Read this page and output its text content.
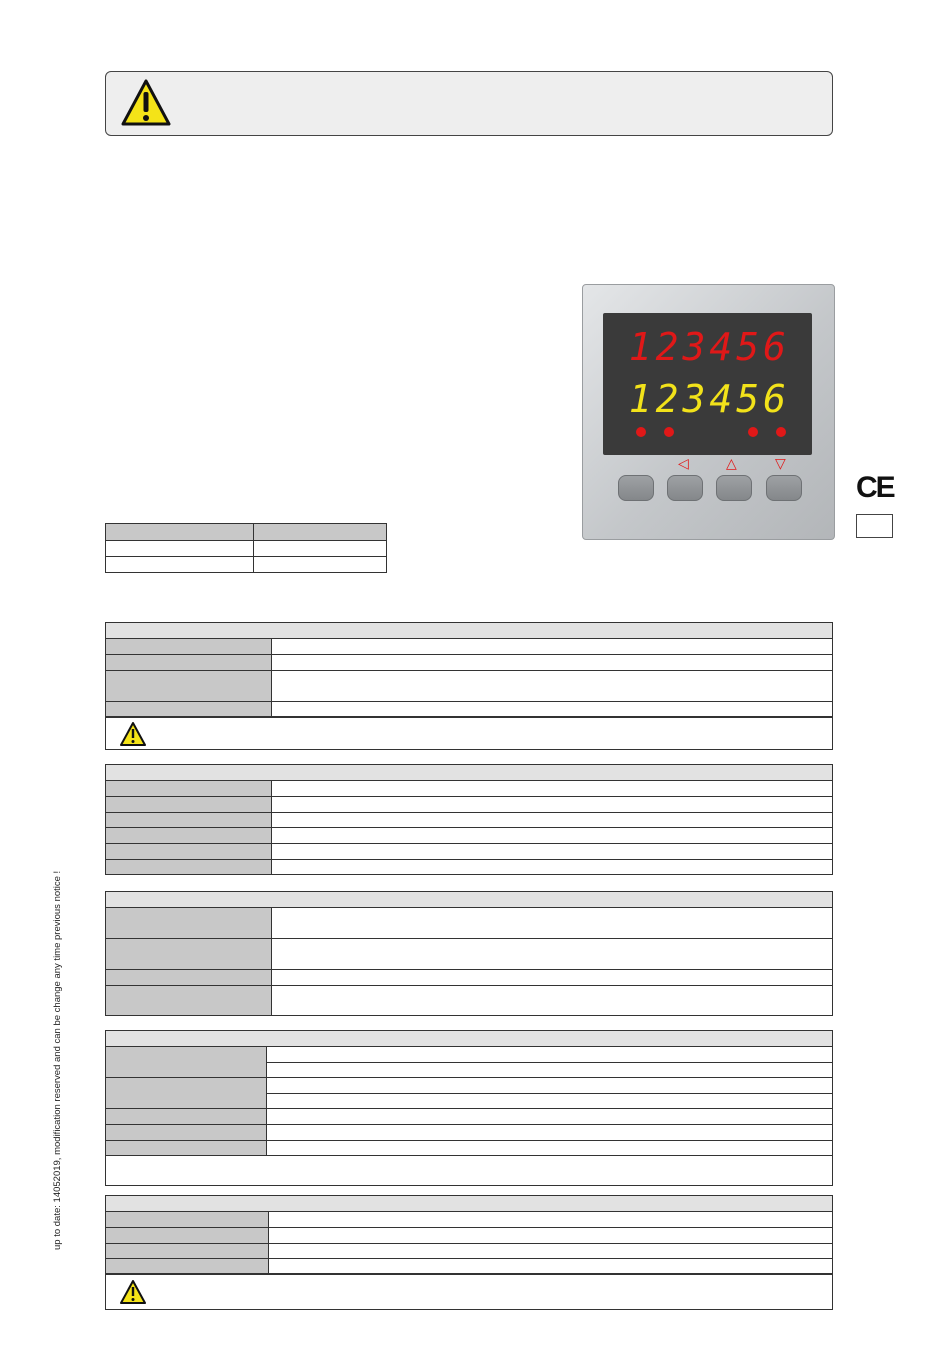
123456
123456
◁	△	▽
CE
up to date: 14052019, modification reserved and can be change any time previous notice !
